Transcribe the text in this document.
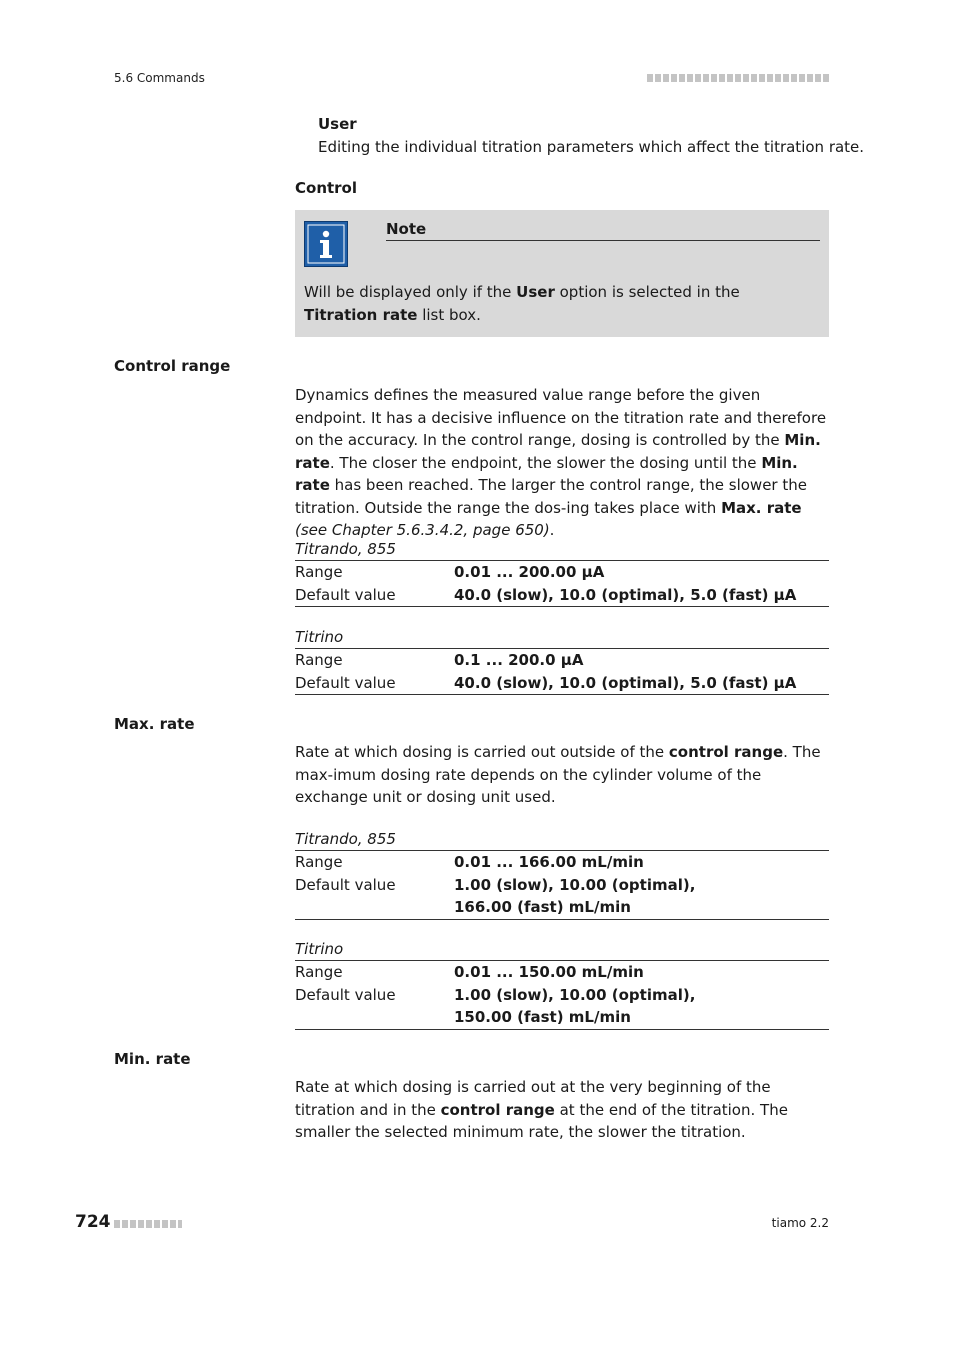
5.6 Commands
User
Editing the individual titration parameters which affect the titration rate.
Control
Note
Will be displayed only if the User option is selected in the Titration rate list box.
Control range
Dynamics defines the measured value range before the given endpoint. It has a decisive influence on the titration rate and therefore on the accuracy. In the control range, dosing is controlled by the Min. rate. The closer the endpoint, the slower the dosing until the Min. rate has been reached. The larger the control range, the slower the titration. Outside the range the dos-ing takes place with Max. rate (see Chapter 5.6.3.4.2, page 650).
Titrando, 855
Range	0.01 ... 200.00 µA
Default value	40.0 (slow), 10.0 (optimal), 5.0 (fast) µA
Titrino
Range	0.1 ... 200.0 µA
Default value	40.0 (slow), 10.0 (optimal), 5.0 (fast) µA
Max. rate
Rate at which dosing is carried out outside of the control range. The max-imum dosing rate depends on the cylinder volume of the exchange unit or dosing unit used.
Titrando, 855
Range	0.01 ... 166.00 mL/min
Default value	1.00 (slow), 10.00 (optimal), 166.00 (fast) mL/min
Titrino
Range	0.01 ... 150.00 mL/min
Default value	1.00 (slow), 10.00 (optimal), 150.00 (fast) mL/min
Min. rate
Rate at which dosing is carried out at the very beginning of the titration and in the control range at the end of the titration. The smaller the selected minimum rate, the slower the titration.
724	tiamo 2.2
